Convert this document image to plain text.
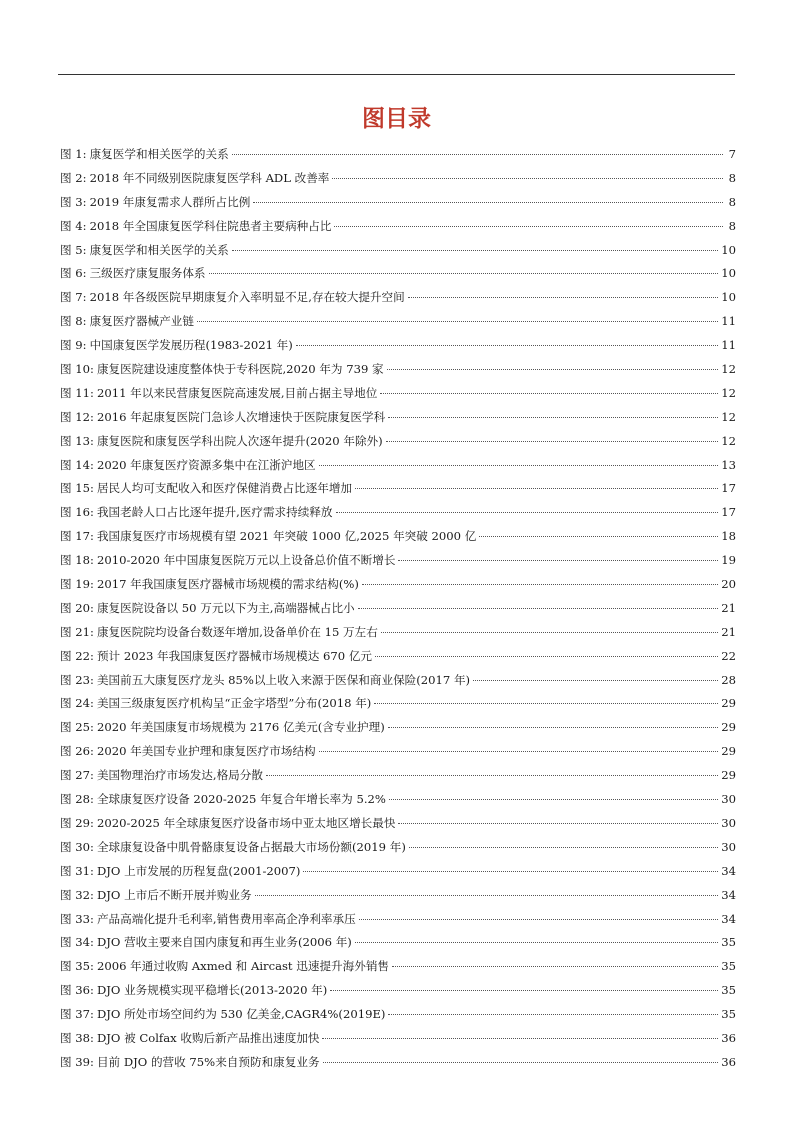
图目录
图 1: 康复医学和相关医学的关系	7
图 2: 2018 年不同级别医院康复医学科 ADL 改善率	8
图 3: 2019 年康复需求人群所占比例	8
图 4: 2018 年全国康复医学科住院患者主要病种占比	8
图 5: 康复医学和相关医学的关系	10
图 6: 三级医疗康复服务体系	10
图 7: 2018 年各级医院早期康复介入率明显不足,存在较大提升空间	10
图 8: 康复医疗器械产业链	11
图 9: 中国康复医学发展历程(1983-2021 年)	11
图 10: 康复医院建设速度整体快于专科医院,2020 年为 739 家	12
图 11: 2011 年以来民营康复医院高速发展,目前占据主导地位	12
图 12: 2016 年起康复医院门急诊人次增速快于医院康复医学科	12
图 13: 康复医院和康复医学科出院人次逐年提升(2020 年除外)	12
图 14: 2020 年康复医疗资源多集中在江浙沪地区	13
图 15: 居民人均可支配收入和医疗保健消费占比逐年增加	17
图 16: 我国老龄人口占比逐年提升,医疗需求持续释放	17
图 17: 我国康复医疗市场规模有望 2021 年突破 1000 亿,2025 年突破 2000 亿	18
图 18: 2010-2020 年中国康复医院万元以上设备总价值不断增长	19
图 19: 2017 年我国康复医疗器械市场规模的需求结构(%)	20
图 20: 康复医院设备以 50 万元以下为主,高端器械占比小	21
图 21: 康复医院院均设备台数逐年增加,设备单价在 15 万左右	21
图 22: 预计 2023 年我国康复医疗器械市场规模达 670 亿元	22
图 23: 美国前五大康复医疗龙头 85%以上收入来源于医保和商业保险(2017 年)	28
图 24: 美国三级康复医疗机构呈“正金字塔型”分布(2018 年)	29
图 25: 2020 年美国康复市场规模为 2176 亿美元(含专业护理)	29
图 26: 2020 年美国专业护理和康复医疗市场结构	29
图 27: 美国物理治疗市场发达,格局分散	29
图 28: 全球康复医疗设备 2020-2025 年复合年增长率为 5.2%	30
图 29: 2020-2025 年全球康复医疗设备市场中亚太地区增长最快	30
图 30: 全球康复设备中肌骨骼康复设备占据最大市场份额(2019 年)	30
图 31: DJO 上市发展的历程复盘(2001-2007)	34
图 32: DJO 上市后不断开展并购业务	34
图 33: 产品高端化提升毛利率,销售费用率高企净利率承压	34
图 34: DJO 营收主要来自国内康复和再生业务(2006 年)	35
图 35: 2006 年通过收购 Axmed 和 Aircast 迅速提升海外销售	35
图 36: DJO 业务规模实现平稳增长(2013-2020 年)	35
图 37: DJO 所处市场空间约为 530 亿美金,CAGR4%(2019E)	35
图 38: DJO 被 Colfax 收购后新产品推出速度加快	36
图 39: 目前 DJO 的营收 75%来自预防和康复业务	36
